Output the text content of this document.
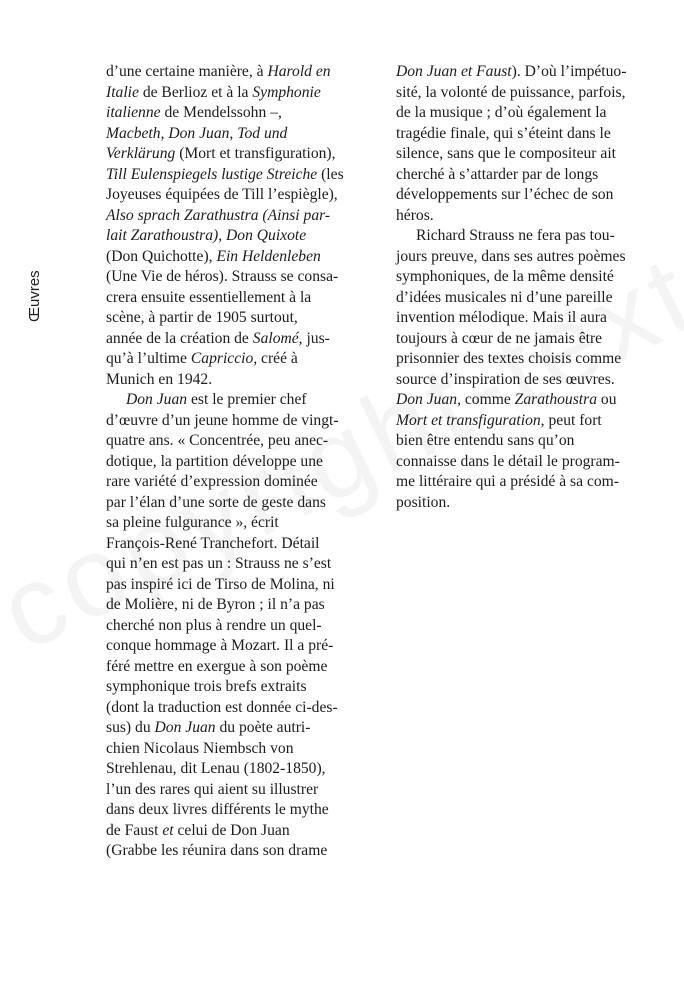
Œuvres
d’une certaine manière, à Harold en
Italie de Berlioz et à la Symphonie
italienne de Mendelssohn –,
Macbeth, Don Juan, Tod und
Verklärung (Mort et transfiguration),
Till Eulenspiegels lustige Streiche (les
Joyeuses équipées de Till l’espiègle),
Also sprach Zarathustra (Ainsi par-
lait Zarathoustra), Don Quixote
(Don Quichotte), Ein Heldenleben
(Une Vie de héros). Strauss se consa-
crera ensuite essentiellement à la
scène, à partir de 1905 surtout,
année de la création de Salomé, jus-
qu’à l’ultime Capriccio, créé à
Munich en 1942.
Don Juan est le premier chef
d’œuvre d’un jeune homme de vingt-
quatre ans. « Concentrée, peu anec-
dotique, la partition développe une
rare variété d’expression dominée
par l’élan d’une sorte de geste dans
sa pleine fulgurance », écrit
François-René Tranchefort. Détail
qui n’en est pas un : Strauss ne s’est
pas inspiré ici de Tirso de Molina, ni
de Molière, ni de Byron ; il n’a pas
cherché non plus à rendre un quel-
conque hommage à Mozart. Il a pré-
féré mettre en exergue à son poème
symphonique trois brefs extraits
(dont la traduction est donnée ci-des-
sus) du Don Juan du poète autri-
chien Nicolaus Niembsch von
Strehlenau, dit Lenau (1802-1850),
l’un des rares qui aient su illustrer
dans deux livres différents le mythe
de Faust et celui de Don Juan
(Grabbe les réunira dans son drame
Don Juan et Faust). D’où l’impétuo-
sité, la volonté de puissance, parfois,
de la musique ; d’où également la
tragédie finale, qui s’éteint dans le
silence, sans que le compositeur ait
cherché à s’attarder par de longs
développements sur l’échec de son
héros.
Richard Strauss ne fera pas tou-
jours preuve, dans ses autres poèmes
symphoniques, de la même densité
d’idées musicales ni d’une pareille
invention mélodique. Mais il aura
toujours à cœur de ne jamais être
prisonnier des textes choisis comme
source d’inspiration de ses œuvres.
Don Juan, comme Zarathoustra ou
Mort et transfiguration, peut fort
bien être entendu sans qu’on
connaisse dans le détail le program-
me littéraire qui a présidé à sa com-
position.
